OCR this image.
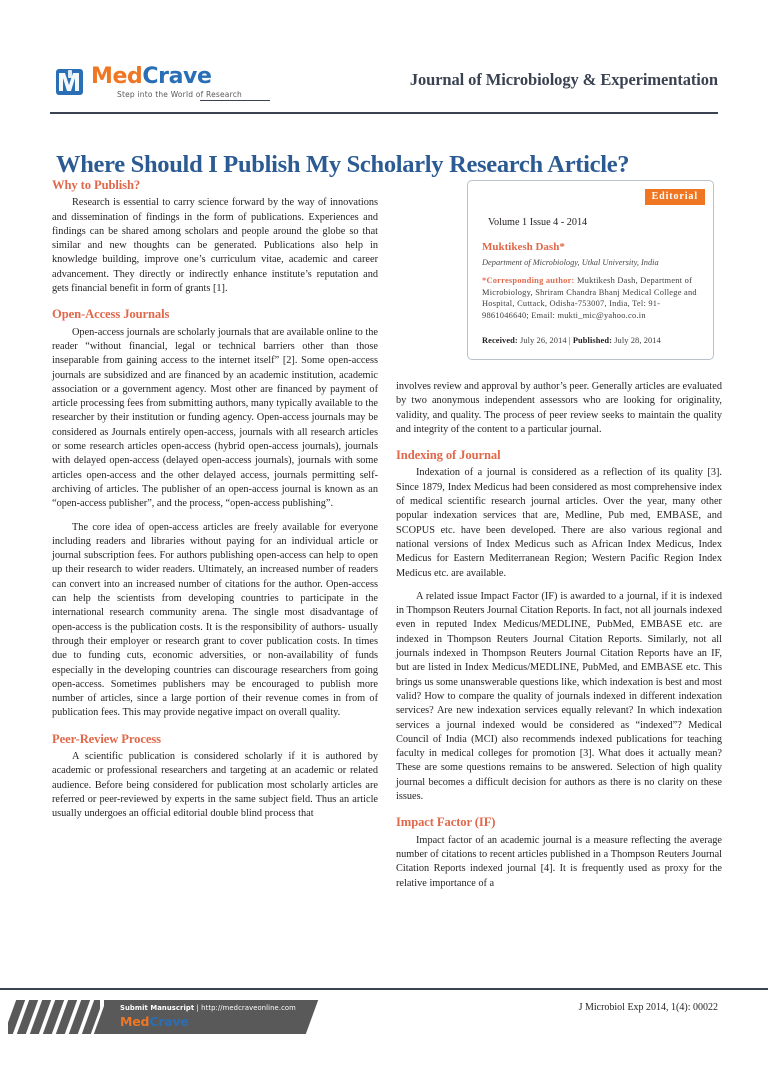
MedCrave
Step into the World of Research
Journal of Microbiology & Experimentation
Where Should I Publish My Scholarly Research Article?
Editorial
Volume 1 Issue 4 - 2014
Muktikesh Dash*
Department of Microbiology, Utkal University, India
*Corresponding author: Muktikesh Dash, Department of Microbiology, Shriram Chandra Bhanj Medical College and Hospital, Cuttack, Odisha-753007, India, Tel: 91-9861046640; Email: mukti_mic@yahoo.co.in
Received: July 26, 2014 | Published: July 28, 2014
Why to Publish?

Research is essential to carry science forward by the way of innovations and dissemination of findings in the form of publications. Experiences and findings can be shared among scholars and people around the globe so that similar and new thoughts can be generated. Publications also help in knowledge building, improve one’s curriculum vitae, academic and career advancement. They directly or indirectly enhance institute’s reputation and gets financial benefit in form of grants [1].

Open-Access Journals

Open-access journals are scholarly journals that are available online to the reader “without financial, legal or technical barriers other than those inseparable from gaining access to the internet itself” [2]. Some open-access journals are subsidized and are financed by an academic institution, academic association or a government agency. Most other are financed by payment of article processing fees from submitting authors, many typically available to the researcher by their institution or funding agency. Open-access journals may be considered as Journals entirely open-access, journals with all research articles or some research articles open-access (hybrid open-access journals), journals with delayed open-access (delayed open-access journals), journals with some articles open-access and the other delayed access, journals permitting self-archiving of articles. The publisher of an open-access journal is known as an “open-access publisher”, and the process, “open-access publishing”.

The core idea of open-access articles are freely available for everyone including readers and libraries without paying for an individual article or journal subscription fees. For authors publishing open-access can help to open up their research to wider readers. Ultimately, an increased number of readers can convert into an increased number of citations for the author. Open-access can help the scientists from developing countries to participate in the international research community arena. The single most disadvantage of open-access is the publication costs. It is the responsibility of authors- usually through their employer or research grant to cover publication costs. In times due to funding cuts, economic adversities, or non-availability of funds especially in the developing countries can discourage researchers from going open-access. Sometimes publishers may be encouraged to publish more number of articles, since a large portion of their revenue comes in from of publication fees. This may provide negative impact on overall quality.

Peer-Review Process

A scientific publication is considered scholarly if it is authored by academic or professional researchers and targeting at an academic or related audience. Before being considered for publication most scholarly articles are referred or peer-reviewed by experts in the same subject field. Thus an article usually undergoes an official editorial double blind process that

involves review and approval by author’s peer. Generally articles are evaluated by two anonymous independent assessors who are looking for originality, validity, and quality. The process of peer review seeks to maintain the quality and integrity of the content to a particular journal.

Indexing of Journal

Indexation of a journal is considered as a reflection of its quality [3]. Since 1879, Index Medicus had been considered as most comprehensive index of medical scientific research journal articles. Over the year, many other popular indexation services that are, Medline, Pub med, EMBASE, and SCOPUS etc. have been developed. There are also various regional and national versions of Index Medicus such as African Index Medicus, Index Medicus for Eastern Mediterranean Region; Western Pacific Region Index Medicus etc. are available.

A related issue Impact Factor (IF) is awarded to a journal, if it is indexed in Thompson Reuters Journal Citation Reports. In fact, not all journals indexed even in reputed Index Medicus/MEDLINE, PubMed, EMBASE etc. are indexed in Thompson Reuters Journal Citation Reports. Similarly, not all journals indexed in Thompson Reuters Journal Citation Reports have an IF, but are listed in Index Medicus/MEDLINE, PubMed, and EMBASE etc. This brings us some unanswerable questions like, which indexation is best and most valid? How to compare the quality of journals indexed in different indexation services? Are new indexation services equally relevant? In which indexation services a journal indexed would be considered as “indexed”? Medical Council of India (MCI) also recommends indexed publications for teaching faculty in medical colleges for promotion [3]. What does it actually mean? These are some questions remains to be answered. Selection of high quality journal becomes a difficult decision for authors as there is no clarity on these issues.

Impact Factor (IF)

Impact factor of an academic journal is a measure reflecting the average number of citations to recent articles published in a Thompson Reuters Journal Citation Reports indexed journal [4]. It is frequently used as proxy for the relative importance of a

Submit Manuscript | http://medcraveonline.com
MedCrave
J Microbiol Exp 2014, 1(4): 00022
